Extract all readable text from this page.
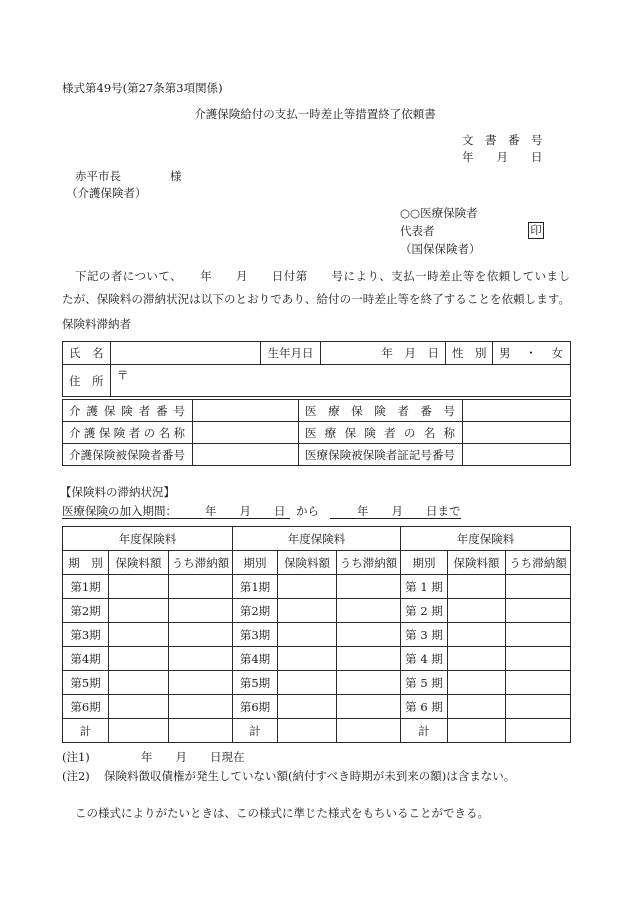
様式第49号(第27条第3項関係)
介護保険給付の支払一時差止等措置終了依頼書
文　書　番　号
年　　月　　日
赤平市長	様
（介護保険者）
○○医療保険者
代表者	印
（国保保険者）
下記の者について、　　年　　月　　日付第　　号により、支払一時差止等を依頼していまし
たが、保険料の滞納状況は以下のとおりであり、給付の一時差止等を終了することを依頼します。
保険料滞納者
氏　名		生年月日	年　月　日	性　別	男　・　女
住　所	〒				
介護保険者番号		医療保険者番号	
介護保険者の名称		医療保険者の名称	
介護保険被保険者番号		医療保険被保険者証記号番号	
【保険料の滞納状況】
医療保険の加入期間： 年　　月　　日 から	年　　月　　日まで
年度保険料			年度保険料			年度保険料		
期　別	保険料額	うち滞納額	期別	保険料額	うち滞納額	期別	保険料額	うち滞納額
第1期			第1期			第 1 期		
第2期			第2期			第 2 期		
第3期			第3期			第 3 期		
第4期			第4期			第 4 期		
第5期			第5期			第 5 期		
第6期			第6期			第 6 期		
計			計			計		
(注1)	年　　月　　日現在
(注2) 保険料徴収債権が発生していない額(納付すべき時期が未到来の額)は含まない。
この様式によりがたいときは、この様式に準じた様式をもちいることができる。
